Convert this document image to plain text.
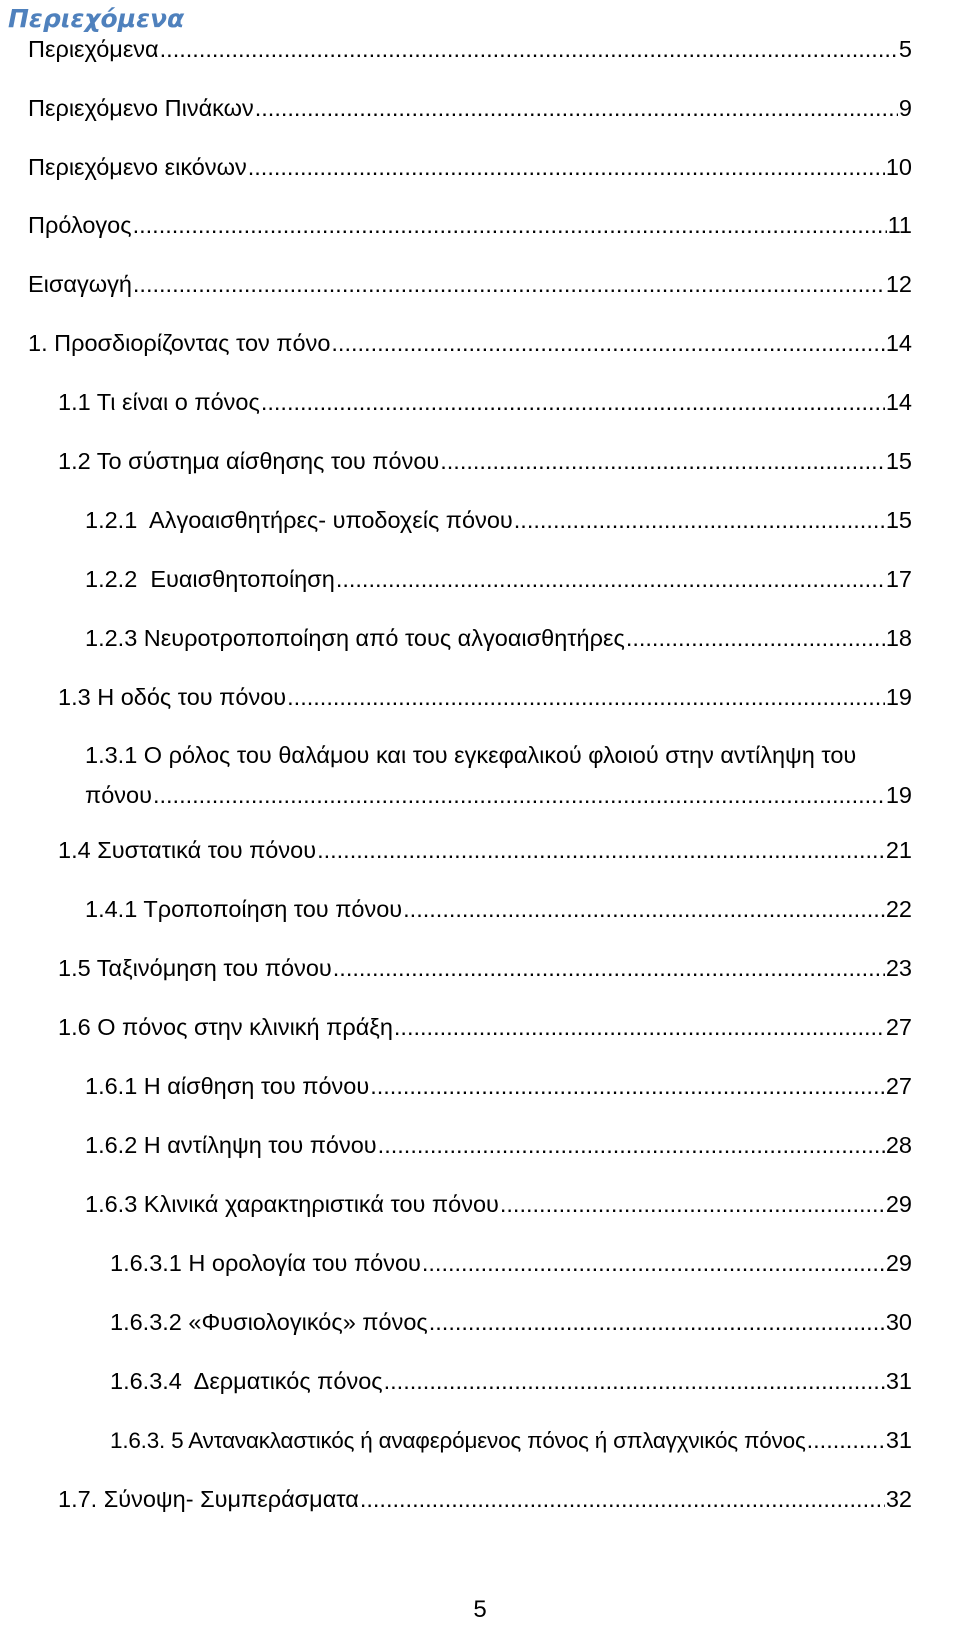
Περιεχόμενα
Περιεχόμενα .....	5
Περιεχόμενο Πινάκων .....	9
Περιεχόμενο εικόνων .....	10
Πρόλογος .....	11
Εισαγωγή .....	12
1. Προσδιορίζοντας τον πόνο .....	14
1.1 Τι είναι ο πόνος .....	14
1.2 Το σύστημα αίσθησης του πόνου .....	15
1.2.1  Αλγοαισθητήρες- υποδοχείς πόνου .....	15
1.2.2  Ευαισθητοποίηση .....	17
1.2.3 Νευροτροποποίηση από τους αλγοαισθητήρες .....	18
1.3 Η οδός του πόνου .....	19
1.3.1 Ο ρόλος του θαλάμου και του εγκεφαλικού φλοιού στην αντίληψη του
πόνου .....	19
1.4 Συστατικά του πόνου .....	21
1.4.1 Τροποποίηση του πόνου .....	22
1.5 Ταξινόμηση του πόνου .....	23
1.6 Ο πόνος στην κλινική πράξη .....	27
1.6.1 Η αίσθηση του πόνου .....	27
1.6.2 Η αντίληψη του πόνου .....	28
1.6.3 Κλινικά χαρακτηριστικά του πόνου .....	29
1.6.3.1 Η ορολογία του πόνου .....	29
1.6.3.2 «Φυσιολογικός» πόνος .....	30
1.6.3.4  Δερματικός πόνος .....	31
1.6.3. 5 Αντανακλαστικός ή αναφερόμενος πόνος ή σπλαγχνικός πόνος .....	31
1.7. Σύνοψη- Συμπεράσματα .....	32
5
